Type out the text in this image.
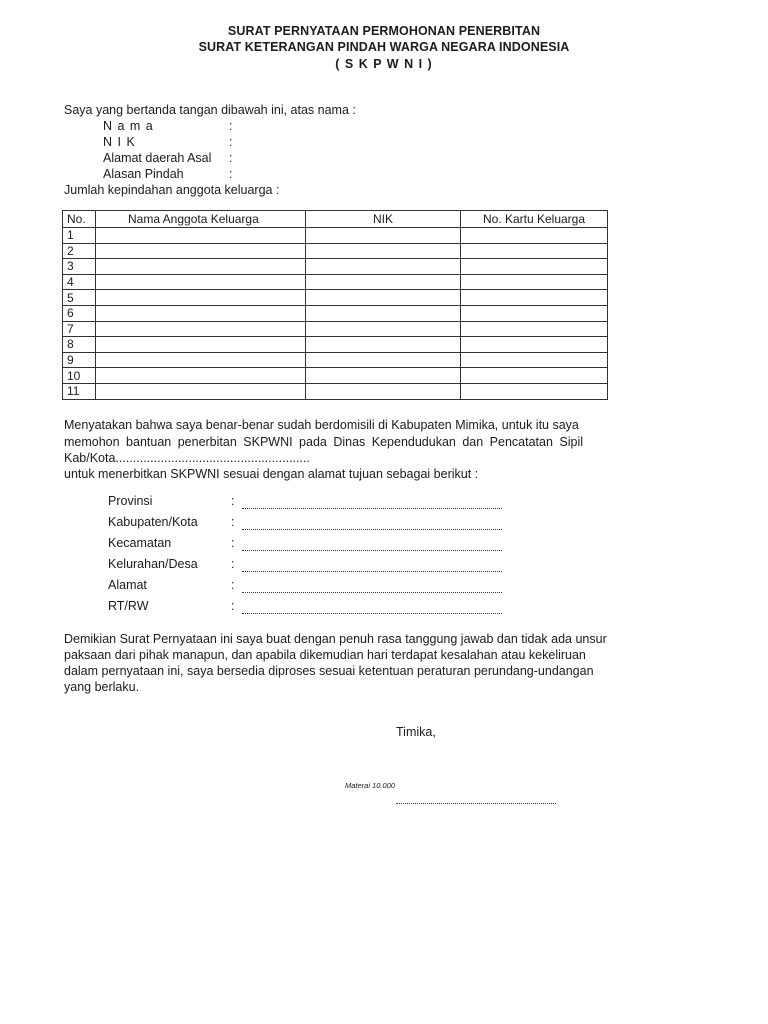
SURAT PERNYATAAN PERMOHONAN PENERBITAN
SURAT KETERANGAN PINDAH WARGA NEGARA INDONESIA
( S K P W N I )
Saya yang bertanda tangan dibawah ini, atas nama :
N a m a	:
N I K	:
Alamat daerah Asal :
Alasan Pindah	:
Jumlah kepindahan anggota keluarga :
No.	Nama Anggota Keluarga	NIK	No. Kartu Keluarga
1			
2			
3			
4			
5			
6			
7			
8			
9			
10			
11			
Menyatakan bahwa saya benar-benar sudah berdomisili di Kabupaten Mimika, untuk itu saya
memohon bantuan penerbitan SKPWNI pada Dinas Kependudukan dan Pencatatan Sipil
Kab/Kota........................................................
untuk menerbitkan SKPWNI sesuai dengan alamat tujuan sebagai berikut :
Provinsi	:
Kabupaten/Kota	:
Kecamatan	:
Kelurahan/Desa	:
Alamat	:
RT/RW	:
Demikian Surat Pernyataan ini saya buat dengan penuh rasa tanggung jawab dan tidak ada unsur
paksaan dari pihak manapun, dan apabila dikemudian hari terdapat kesalahan atau kekeliruan
dalam pernyataan ini, saya bersedia diproses sesuai ketentuan peraturan perundang-undangan
yang berlaku.
Timika,
Materai 10.000
